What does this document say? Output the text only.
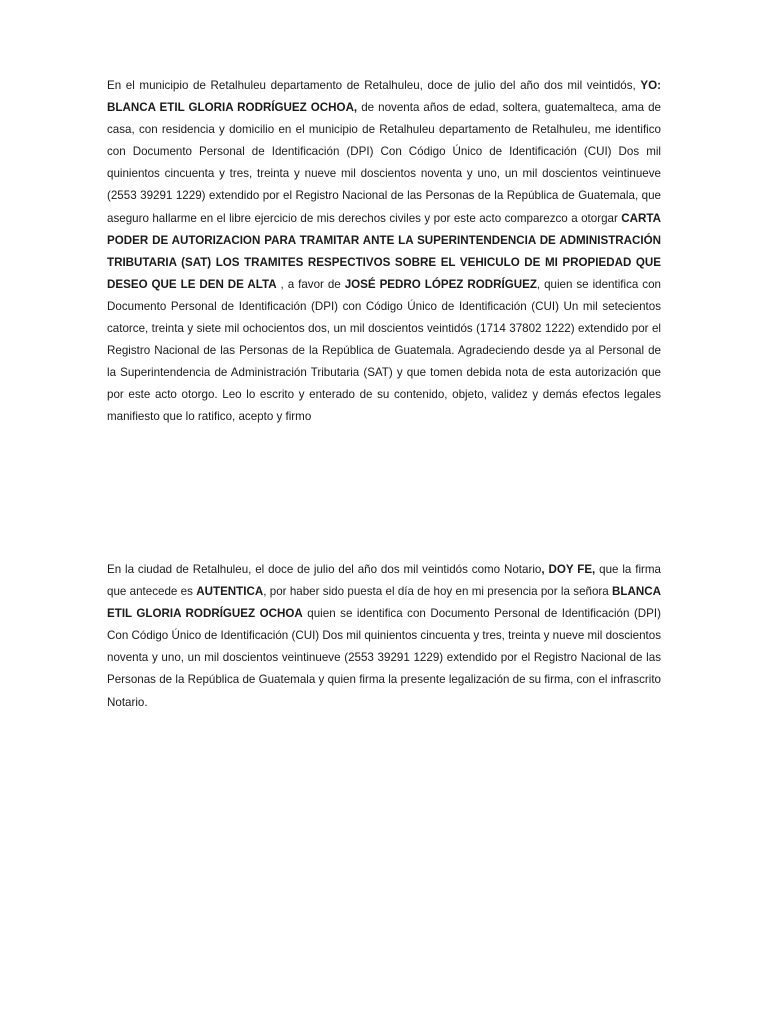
En el municipio de Retalhuleu departamento de Retalhuleu, doce de julio del año dos mil veintidós, YO: BLANCA ETIL GLORIA RODRÍGUEZ OCHOA, de noventa años de edad, soltera, guatemalteca, ama de casa, con residencia y domicilio en el municipio de Retalhuleu departamento de Retalhuleu, me identifico con Documento Personal de Identificación (DPI) Con Código Único de Identificación (CUI) Dos mil quinientos cincuenta y tres, treinta y nueve mil doscientos noventa y uno, un mil doscientos veintinueve (2553 39291 1229) extendido por el Registro Nacional de las Personas de la República de Guatemala, que aseguro hallarme en el libre ejercicio de mis derechos civiles y por este acto comparezco a otorgar CARTA PODER DE AUTORIZACION PARA TRAMITAR ANTE LA SUPERINTENDENCIA DE ADMINISTRACIÓN TRIBUTARIA (SAT) LOS TRAMITES RESPECTIVOS SOBRE EL VEHICULO DE MI PROPIEDAD QUE DESEO QUE LE DEN DE ALTA , a favor de JOSÉ PEDRO LÓPEZ RODRÍGUEZ, quien se identifica con Documento Personal de Identificación (DPI) con Código Único de Identificación (CUI) Un mil setecientos catorce, treinta y siete mil ochocientos dos, un mil doscientos veintidós (1714 37802 1222) extendido por el Registro Nacional de las Personas de la República de Guatemala. Agradeciendo desde ya al Personal de la Superintendencia de Administración Tributaria (SAT) y que tomen debida nota de esta autorización que por este acto otorgo. Leo lo escrito y enterado de su contenido, objeto, validez y demás efectos legales manifiesto que lo ratifico, acepto y firmo

En la ciudad de Retalhuleu, el doce de julio del año dos mil veintidós como Notario, DOY FE, que la firma que antecede es AUTENTICA, por haber sido puesta el día de hoy en mi presencia por la señora BLANCA ETIL GLORIA RODRÍGUEZ OCHOA quien se identifica con Documento Personal de Identificación (DPI) Con Código Único de Identificación (CUI) Dos mil quinientos cincuenta y tres, treinta y nueve mil doscientos noventa y uno, un mil doscientos veintinueve (2553 39291 1229) extendido por el Registro Nacional de las Personas de la República de Guatemala y quien firma la presente legalización de su firma, con el infrascrito Notario.
